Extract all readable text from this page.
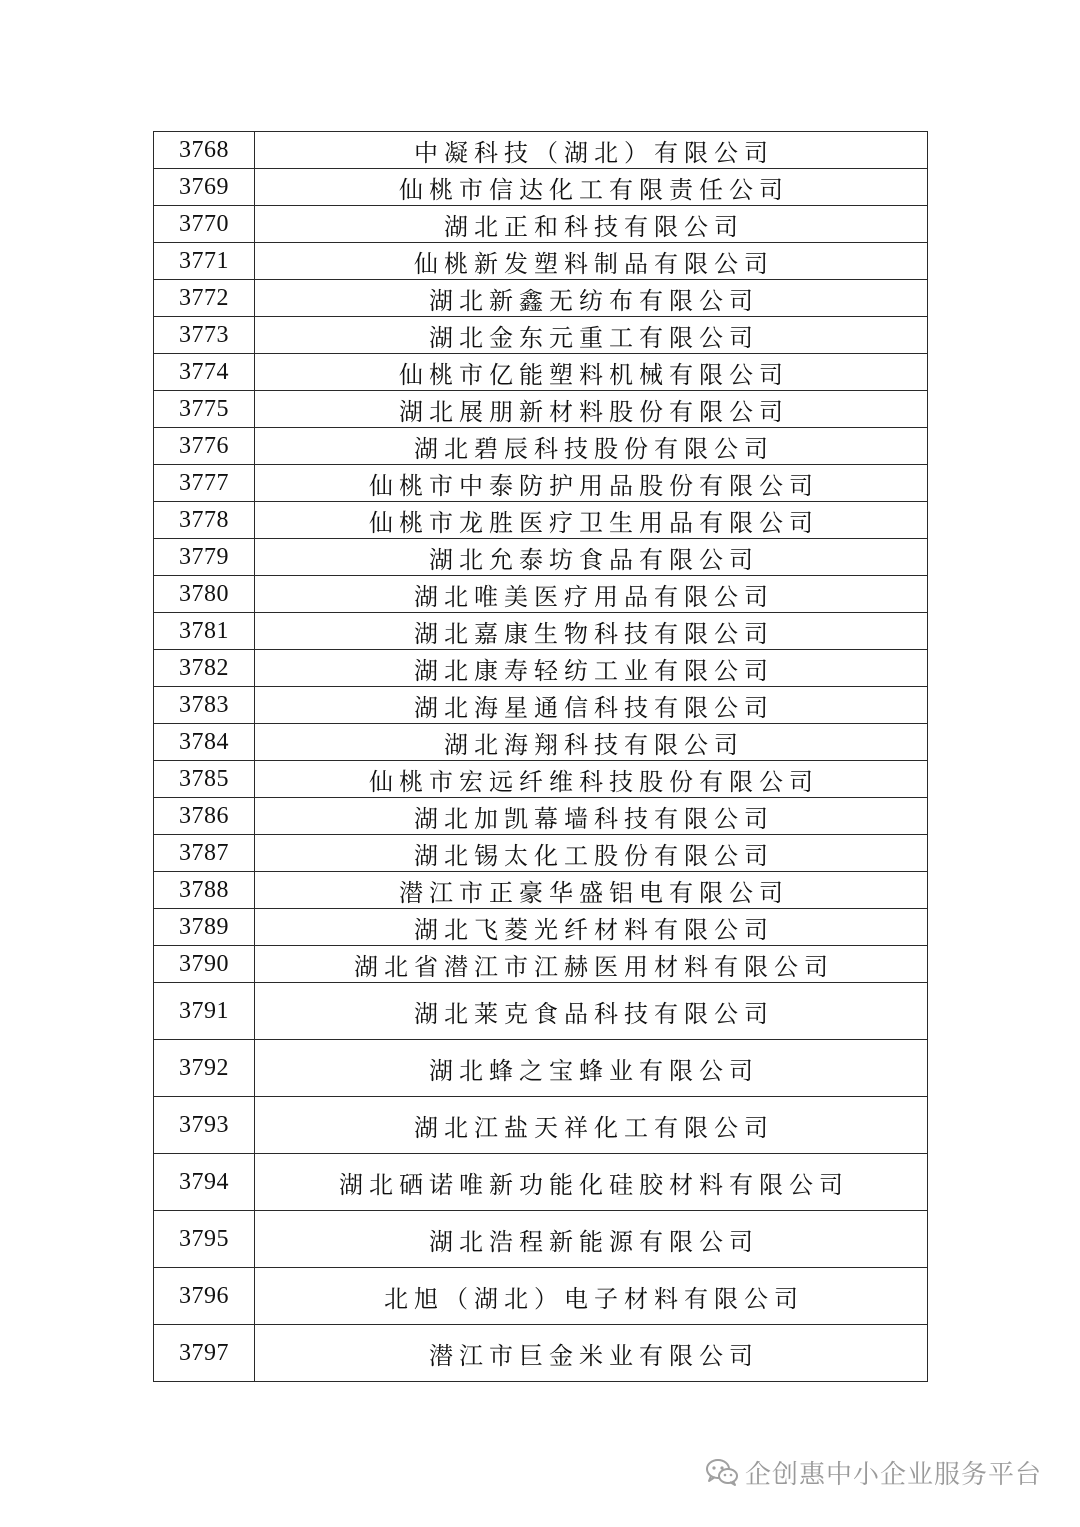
3768	中凝科技（湖北）有限公司
3769	仙桃市信达化工有限责任公司
3770	湖北正和科技有限公司
3771	仙桃新发塑料制品有限公司
3772	湖北新鑫无纺布有限公司
3773	湖北金东元重工有限公司
3774	仙桃市亿能塑料机械有限公司
3775	湖北展朋新材料股份有限公司
3776	湖北碧辰科技股份有限公司
3777	仙桃市中泰防护用品股份有限公司
3778	仙桃市龙胜医疗卫生用品有限公司
3779	湖北允泰坊食品有限公司
3780	湖北唯美医疗用品有限公司
3781	湖北嘉康生物科技有限公司
3782	湖北康寿轻纺工业有限公司
3783	湖北海星通信科技有限公司
3784	湖北海翔科技有限公司
3785	仙桃市宏远纤维科技股份有限公司
3786	湖北加凯幕墙科技有限公司
3787	湖北锡太化工股份有限公司
3788	潜江市正豪华盛铝电有限公司
3789	湖北飞菱光纤材料有限公司
3790	湖北省潜江市江赫医用材料有限公司
3791	湖北莱克食品科技有限公司
3792	湖北蜂之宝蜂业有限公司
3793	湖北江盐天祥化工有限公司
3794	湖北硒诺唯新功能化硅胶材料有限公司
3795	湖北浩程新能源有限公司
3796	北旭（湖北）电子材料有限公司
3797	潜江市巨金米业有限公司
企创惠中小企业服务平台
